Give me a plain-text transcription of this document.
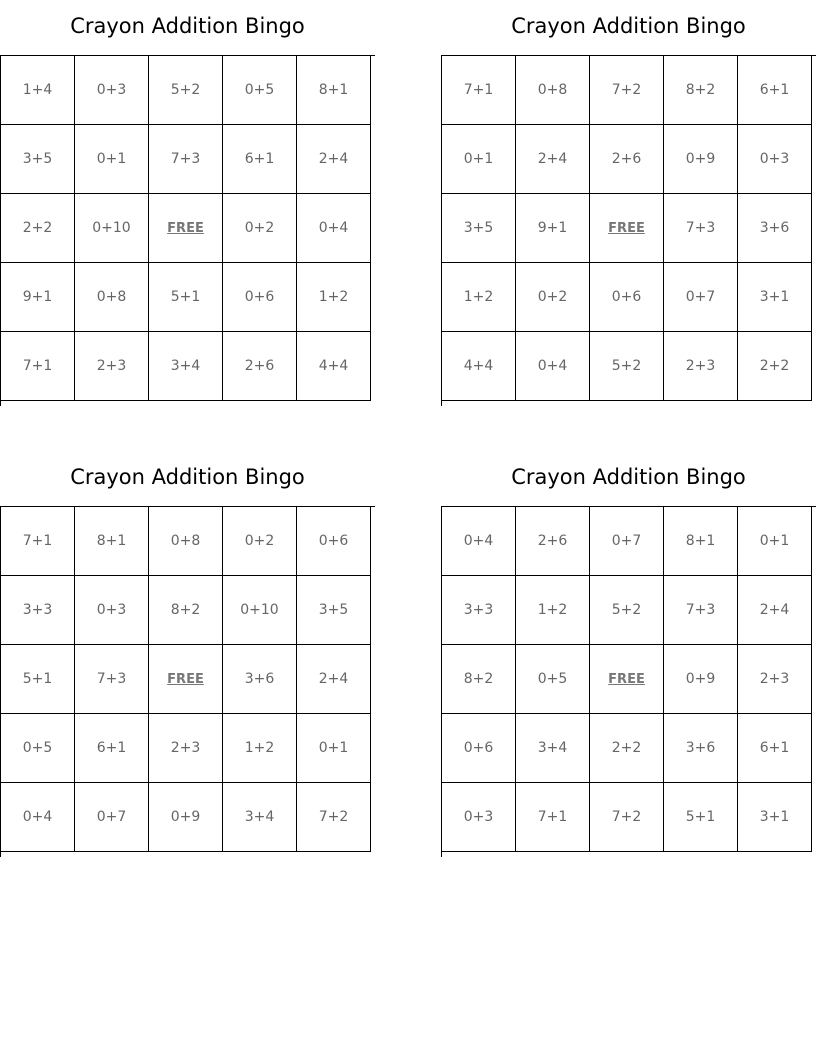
Crayon Addition Bingo
1+4	0+3	5+2	0+5	8+1
3+5	0+1	7+3	6+1	2+4
2+2	0+10	FREE	0+2	0+4
9+1	0+8	5+1	0+6	1+2
7+1	2+3	3+4	2+6	4+4
Crayon Addition Bingo
7+1	0+8	7+2	8+2	6+1
0+1	2+4	2+6	0+9	0+3
3+5	9+1	FREE	7+3	3+6
1+2	0+2	0+6	0+7	3+1
4+4	0+4	5+2	2+3	2+2
Crayon Addition Bingo
7+1	8+1	0+8	0+2	0+6
3+3	0+3	8+2	0+10	3+5
5+1	7+3	FREE	3+6	2+4
0+5	6+1	2+3	1+2	0+1
0+4	0+7	0+9	3+4	7+2
Crayon Addition Bingo
0+4	2+6	0+7	8+1	0+1
3+3	1+2	5+2	7+3	2+4
8+2	0+5	FREE	0+9	2+3
0+6	3+4	2+2	3+6	6+1
0+3	7+1	7+2	5+1	3+1
